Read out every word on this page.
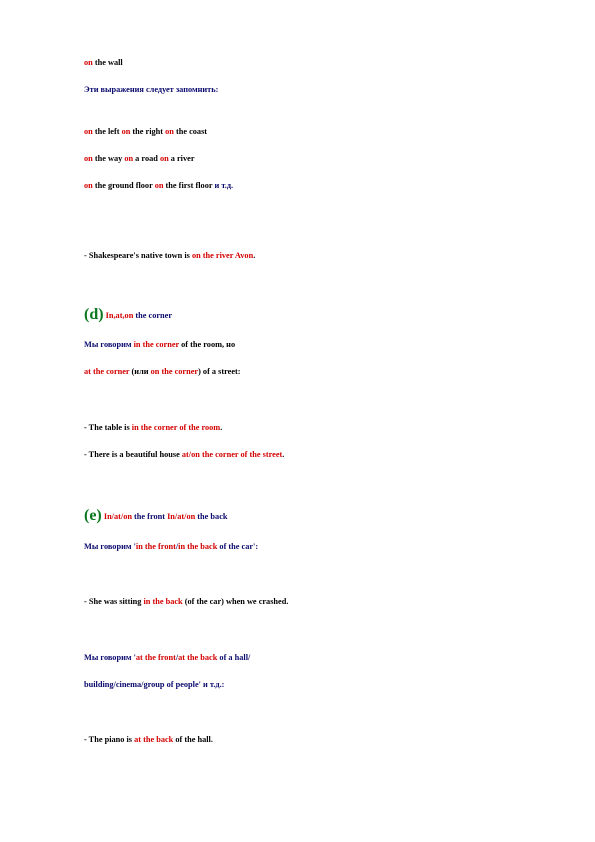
on the wall

Эти выражения следует запомнить:

on the left on the right on the coast

on the way on a road on a river

on the ground floor on the first floor и т.д.

- Shakespeare's native town is on the river Avon.

(d) In,at,on the corner

Мы говорим in the corner of the room, но

at the corner (или on the corner) of a street:

- The table is in the corner of the room.

- There is a beautiful house at/on the corner of the street.

(e) In/at/on the front In/at/on the back

Мы говорим 'in the front/in the back of the car':

- She was sitting in the back (of the car) when we crashed.

Мы говорим 'at the front/at the back of a hall/

building/cinema/group of people' и т.д.:

- The piano is at the back of the hall.
